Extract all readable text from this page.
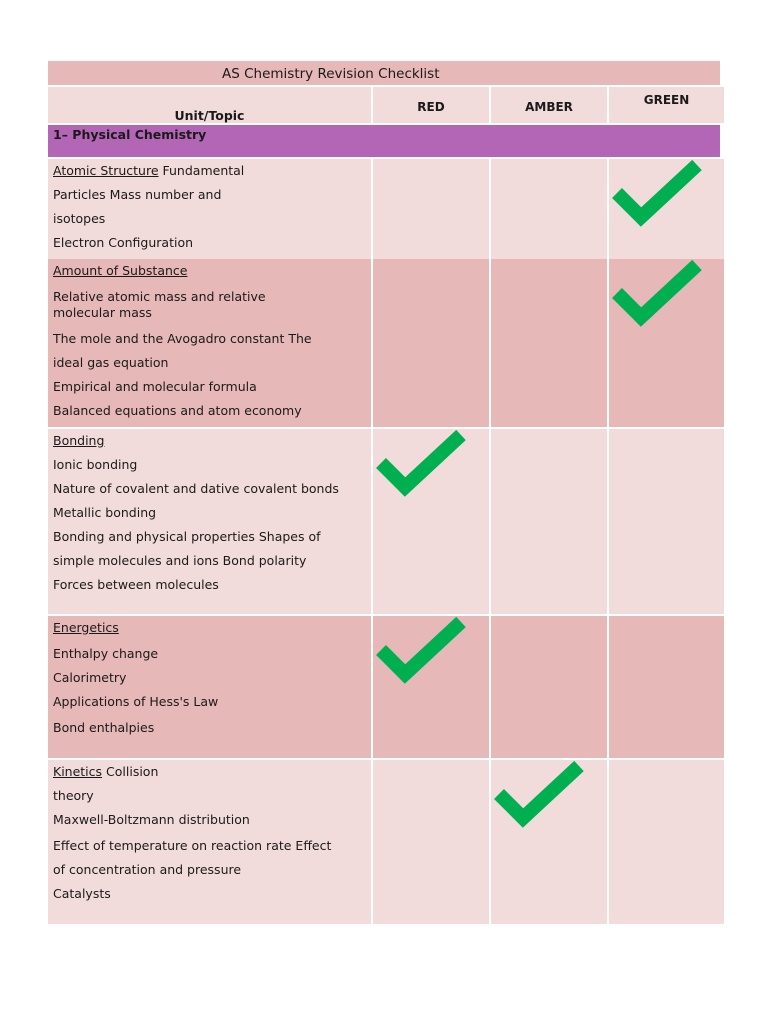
AS Chemistry Revision Checklist
Unit/Topic
RED	AMBER	GREEN
1– Physical Chemistry
Atomic Structure Fundamental
Particles Mass number and
isotopes
Electron Configuration
Amount of Substance
Relative atomic mass and relative molecular mass
The mole and the Avogadro constant The
ideal gas equation
Empirical and molecular formula
Balanced equations and atom economy
Bonding
Ionic bonding
Nature of covalent and dative covalent bonds
Metallic bonding
Bonding and physical properties Shapes of
simple molecules and ions Bond polarity
Forces between molecules
Energetics
Enthalpy change
Calorimetry
Applications of Hess's Law
Bond enthalpies
Kinetics Collision
theory
Maxwell-Boltzmann distribution
Effect of temperature on reaction rate Effect
of concentration and pressure
Catalysts
